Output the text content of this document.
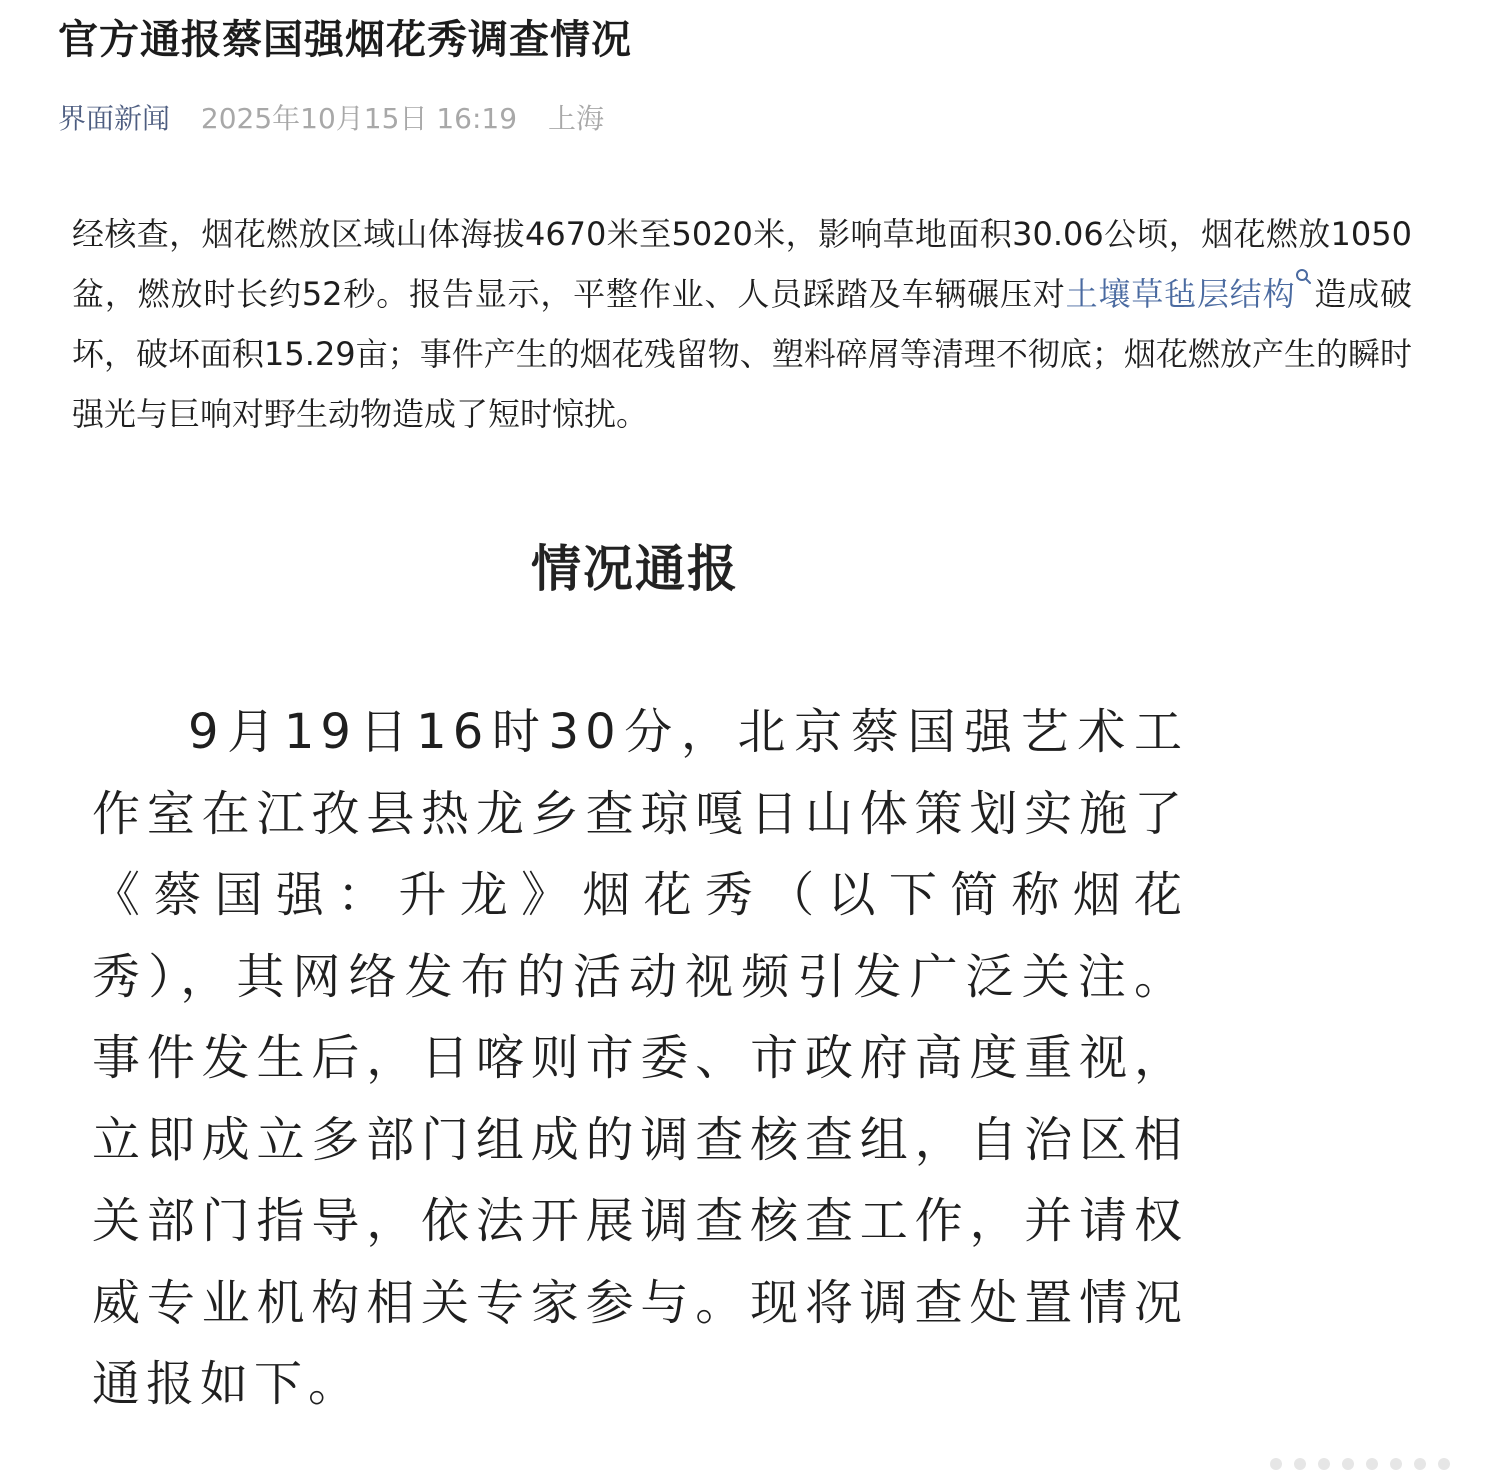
官方通报蔡国强烟花秀调查情况
界面新闻 2025年10月15日 16:19 上海

经核查，烟花燃放区域山体海拔4670米至5020米，影响草地面积30.06公顷，烟花燃放1050盆，燃放时长约52秒。报告显示，平整作业、人员踩踏及车辆碾压对土壤草毡层结构 造成破坏，破坏面积15.29亩；事件产生的烟花残留物、塑料碎屑等清理不彻底；烟花燃放产生的瞬时强光与巨响对野生动物造成了短时惊扰。

情况通报

9月19日16时30分，北京蔡国强艺术工作室在江孜县热龙乡查琼嘎日山体策划实施了《蔡国强：升龙》烟花秀（以下简称烟花秀），其网络发布的活动视频引发广泛关注。事件发生后，日喀则市委、市政府高度重视，立即成立多部门组成的调查核查组，自治区相关部门指导，依法开展调查核查工作，并请权威专业机构相关专家参与。现将调查处置情况通报如下。
